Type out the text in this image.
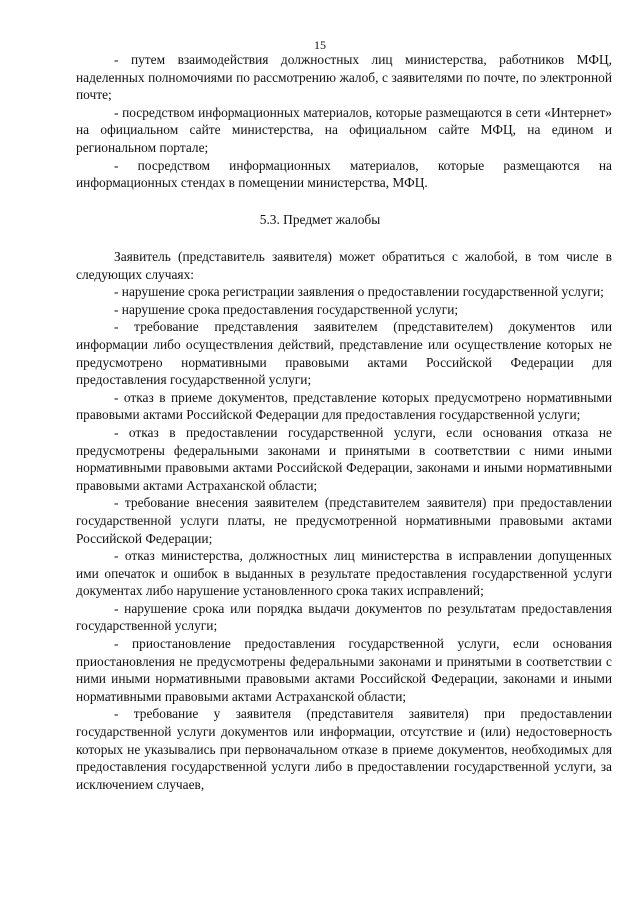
15

- путем взаимодействия должностных лиц министерства, работников МФЦ, наделенных полномочиями по рассмотрению жалоб, с заявителями по почте, по электронной почте;

- посредством информационных материалов, которые размещаются в сети «Интернет» на официальном сайте министерства, на официальном сайте МФЦ, на едином и региональном портале;

- посредством информационных материалов, которые размещаются на информационных стендах в помещении министерства, МФЦ.

5.3. Предмет жалобы

Заявитель (представитель заявителя) может обратиться с жалобой, в том числе в следующих случаях:

- нарушение срока регистрации заявления о предоставлении государственной услуги;

- нарушение срока предоставления государственной услуги;

- требование представления заявителем (представителем) документов или информации либо осуществления действий, представление или осуществление которых не предусмотрено нормативными правовыми актами Российской Федерации для предоставления государственной услуги;

- отказ в приеме документов, представление которых предусмотрено нормативными правовыми актами Российской Федерации для предоставления государственной услуги;

- отказ в предоставлении государственной услуги, если основания отказа не предусмотрены федеральными законами и принятыми в соответствии с ними иными нормативными правовыми актами Российской Федерации, законами и иными нормативными правовыми актами Астраханской области;

- требование внесения заявителем (представителем заявителя) при предоставлении государственной услуги платы, не предусмотренной нормативными правовыми актами Российской Федерации;

- отказ министерства, должностных лиц министерства в исправлении допущенных ими опечаток и ошибок в выданных в результате предоставления государственной услуги документах либо нарушение установленного срока таких исправлений;

- нарушение срока или порядка выдачи документов по результатам предоставления государственной услуги;

- приостановление предоставления государственной услуги, если основания приостановления не предусмотрены федеральными законами и принятыми в соответствии с ними иными нормативными правовыми актами Российской Федерации, законами и иными нормативными правовыми актами Астраханской области;

- требование у заявителя (представителя заявителя) при предоставлении государственной услуги документов или информации, отсутствие и (или) недостоверность которых не указывались при первоначальном отказе в приеме документов, необходимых для предоставления государственной услуги либо в предоставлении государственной услуги, за исключением случаев,
